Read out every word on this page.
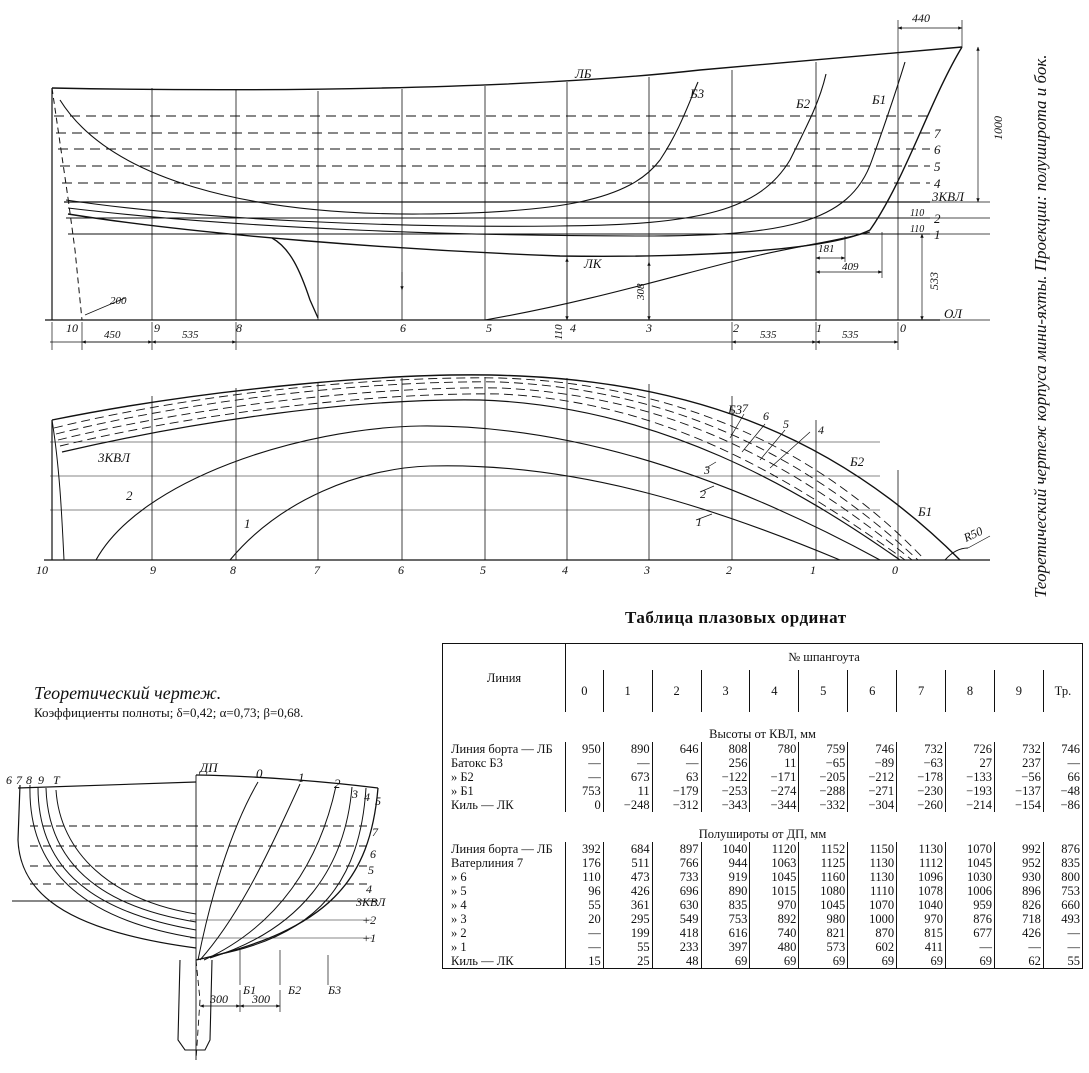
ЛБ
Б3
Б2	Б1
ЛК
7
6
5
4
3КВЛ
2
1
ОЛ
440
1000
110
110
533
181
409
308
110
200
450	535	535	535
10	9	8	6	5	4	3	2	1	0
Б3
Б2
Б1
7
6
5 4
3КВЛ
2
1
3
2
1
R50
10	9	8	7	6	5	4	3	2	1	0
ДП	0	1 2
3 4 5
6 7 8 9 Т
7
6
5
4
3КВЛ
+2
+1
Б1	Б2 Б3
300 300
Теоретический чертеж корпуса мини-яхты. Проекции: полуширота и бок.
Теоретический чертеж.
Коэффициенты полноты; δ=0,42; α=0,73; β=0,68.
Таблица плазовых ординат
Линия	№ шпангоута										
	0	1	2	3	4	5	6	7	8	9	Тр.
Высоты от КВЛ, мм											

Линия борта — ЛБ	950	890	646	808	780	759	746	732	726	732	746
Батокс Б3	—	—	—	256	11	−65	−89	−63	27	237	—
» Б2	—	673	63	−122	−171	−205	−212	−178	−133	−56	66
» Б1	753	11	−179	−253	−274	−288	−271	−230	−193	−137	−48
Киль — ЛК	0	−248	−312	−343	−344	−332	−304	−260	−214	−154	−86

Полушироты от ДП, мм											

Линия борта — ЛБ	392	684	897	1040	1120	1152	1150	1130	1070	992	876
Ватерлиния 7	176	511	766	944	1063	1125	1130	1112	1045	952	835
» 6	110	473	733	919	1045	1160	1130	1096	1030	930	800
» 5	96	426	696	890	1015	1080	1110	1078	1006	896	753
» 4	55	361	630	835	970	1045	1070	1040	959	826	660
» 3	20	295	549	753	892	980	1000	970	876	718	493
» 2	—	199	418	616	740	821	870	815	677	426	—
» 1	—	55	233	397	480	573	602	411	—	—	—
Киль — ЛК	15	25	48	69	69	69	69	69	69	62	55
